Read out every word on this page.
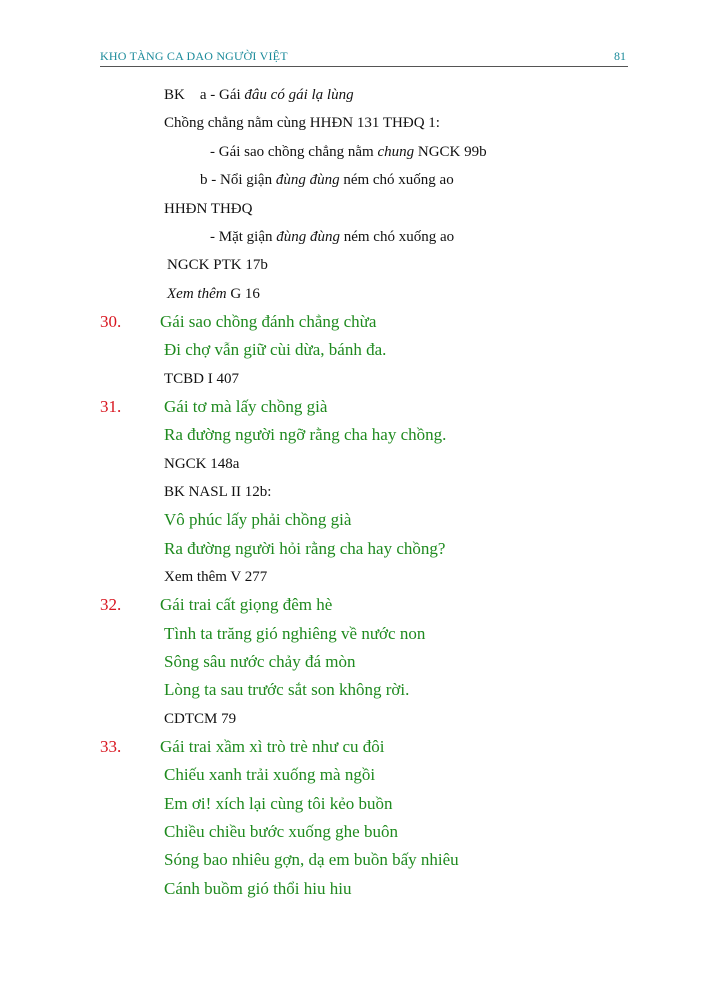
KHO TÀNG CA DAO NGƯỜI VIỆT	81
BK a - Gái đâu có gái lạ lùng
Chồng chẳng nằm cùng HHĐN 131 THĐQ 1:
- Gái sao chồng chẳng nằm chung NGCK 99b
b - Nổi giận đùng đùng ném chó xuống ao
HHĐN THĐQ
- Mặt giận đùng đùng ném chó xuống ao
NGCK PTK 17b
Xem thêm G 16
30. Gái sao chồng đánh chẳng chừa
Đi chợ vẫn giữ cùi dừa, bánh đa.
TCBD I 407
31.	Gái tơ mà lấy chồng già
Ra đường người ngỡ rằng cha hay chồng.
NGCK 148a
BK NASL II 12b:
Vô phúc lấy phải chồng già
Ra đường người hỏi rằng cha hay chồng?
Xem thêm V 277
32. Gái trai cất giọng đêm hè
Tình ta trăng gió nghiêng về nước non
Sông sâu nước chảy đá mòn
Lòng ta sau trước sắt son không rời.
CDTCM 79
33. Gái trai xầm xì trò trè như cu đôi
Chiếu xanh trải xuống mà ngồi
Em ơi! xích lại cùng tôi kẻo buồn
Chiều chiều bước xuống ghe buôn
Sóng bao nhiêu gợn, dạ em buồn bấy nhiêu
Cánh buồm gió thổi hiu hiu
